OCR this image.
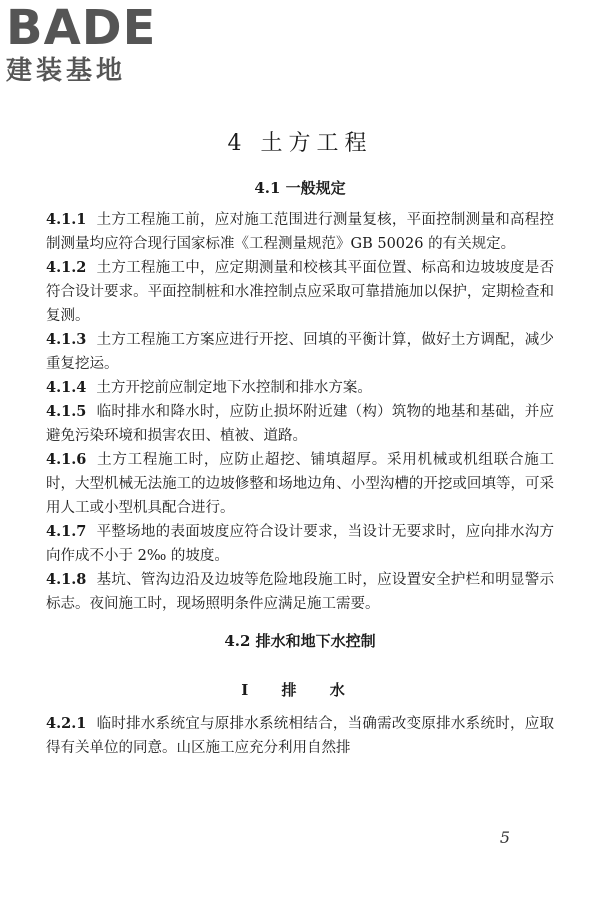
BADE
建装基地
4 土方工程
4.1 一般规定

4.1.1 土方工程施工前，应对施工范围进行测量复核，平面控制测量和高程控制测量均应符合现行国家标准《工程测量规范》GB 50026 的有关规定。

4.1.2 土方工程施工中，应定期测量和校核其平面位置、标高和边坡坡度是否符合设计要求。平面控制桩和水准控制点应采取可靠措施加以保护，定期检查和复测。

4.1.3 土方工程施工方案应进行开挖、回填的平衡计算，做好土方调配，减少重复挖运。

4.1.4 土方开挖前应制定地下水控制和排水方案。

4.1.5 临时排水和降水时，应防止损坏附近建（构）筑物的地基和基础，并应避免污染环境和损害农田、植被、道路。

4.1.6 土方工程施工时，应防止超挖、铺填超厚。采用机械或机组联合施工时，大型机械无法施工的边坡修整和场地边角、小型沟槽的开挖或回填等，可采用人工或小型机具配合进行。

4.1.7 平整场地的表面坡度应符合设计要求，当设计无要求时，应向排水沟方向作成不小于 2‰ 的坡度。

4.1.8 基坑、管沟边沿及边坡等危险地段施工时，应设置安全护栏和明显警示标志。夜间施工时，现场照明条件应满足施工需要。

4.2 排水和地下水控制
Ⅰ 排 水

4.2.1 临时排水系统宜与原排水系统相结合，当确需改变原排水系统时，应取得有关单位的同意。山区施工应充分利用自然排

5
